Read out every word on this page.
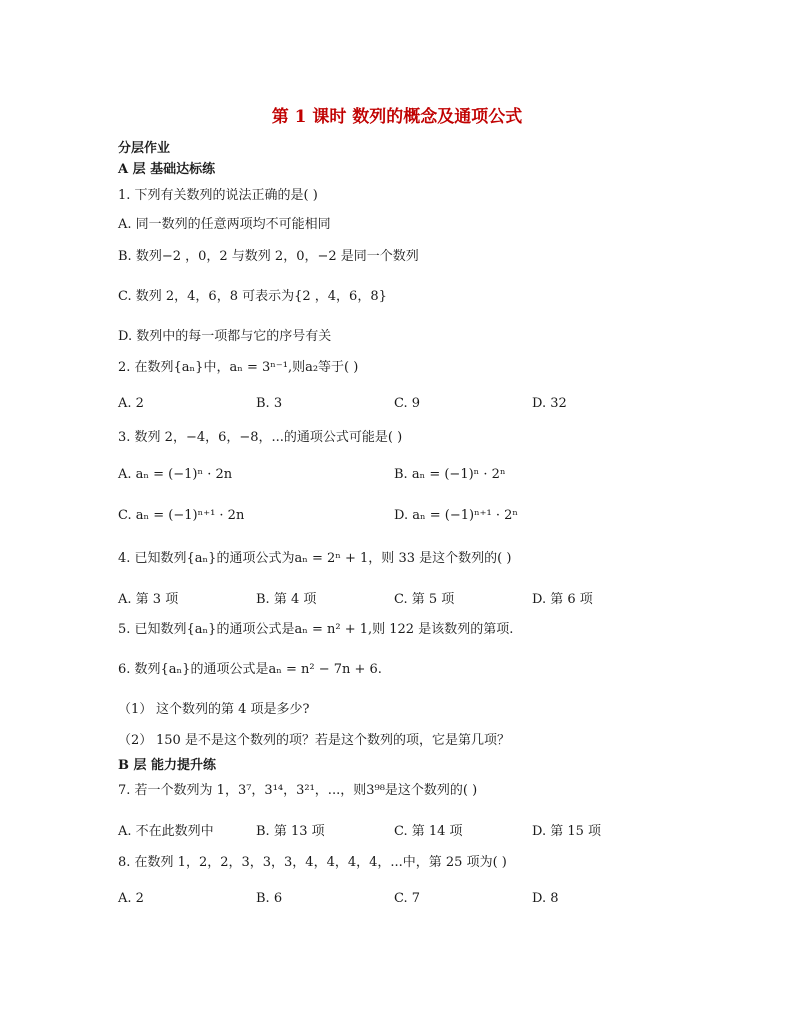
第 1 课时 数列的概念及通项公式
分层作业
A 层 基础达标练
1. 下列有关数列的说法正确的是( )
A. 同一数列的任意两项均不可能相同
B. 数列−2 ，0，2 与数列 2，0，−2 是同一个数列
C. 数列 2，4，6，8 可表示为{2 ，4，6，8}
D. 数列中的每一项都与它的序号有关
2. 在数列{aₙ}中，aₙ = 3ⁿ⁻¹,则a₂等于( )
A. 2	B. 3	C. 9	D. 32
3. 数列 2，−4，6，−8，...的通项公式可能是( )
A. aₙ = (−1)ⁿ · 2n	B. aₙ = (−1)ⁿ · 2ⁿ
C. aₙ = (−1)ⁿ⁺¹ · 2n	D. aₙ = (−1)ⁿ⁺¹ · 2ⁿ
4. 已知数列{aₙ}的通项公式为aₙ = 2ⁿ + 1，则 33 是这个数列的( )
A. 第 3 项	B. 第 4 项	C. 第 5 项	D. 第 6 项
5. 已知数列{aₙ}的通项公式是aₙ = n² + 1,则 122 是该数列的第项.
6. 数列{aₙ}的通项公式是aₙ = n² − 7n + 6.
（1） 这个数列的第 4 项是多少?
（2） 150 是不是这个数列的项？若是这个数列的项，它是第几项？
B 层 能力提升练
7. 若一个数列为 1，3⁷，3¹⁴，3²¹，...，则3⁹⁸是这个数列的( )
A. 不在此数列中	B. 第 13 项	C. 第 14 项	D. 第 15 项
8. 在数列 1，2，2，3，3，3，4，4，4，4，...中，第 25 项为( )
A. 2	B. 6	C. 7	D. 8
